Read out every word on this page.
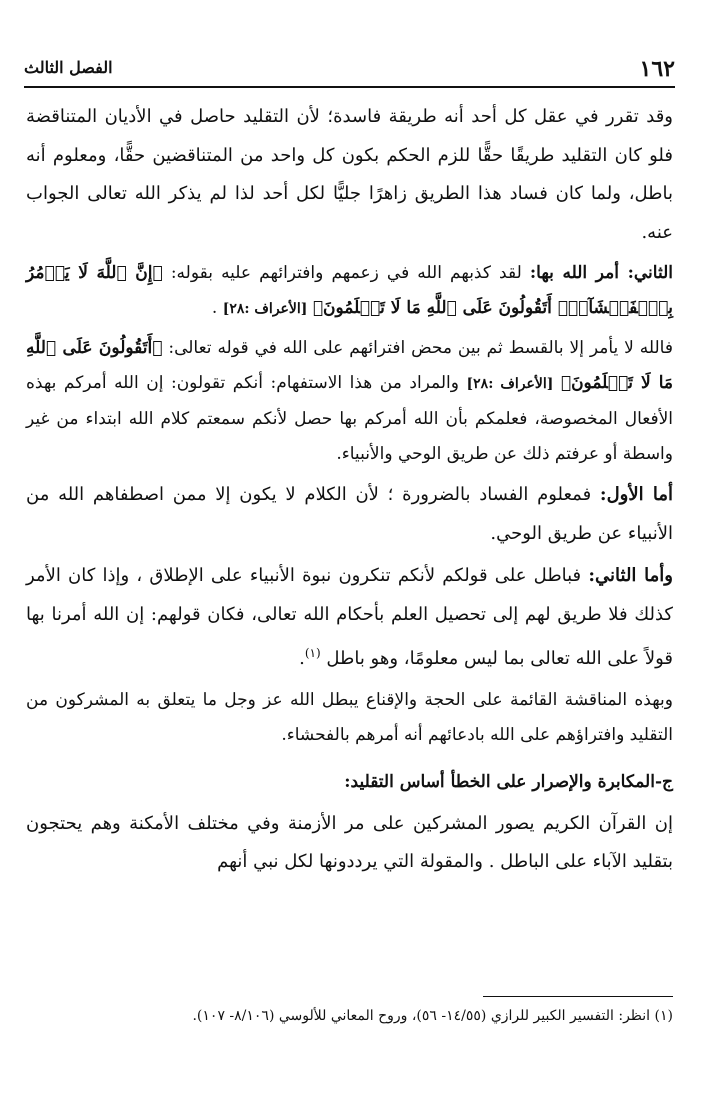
١٦٢
الفصل الثالث

وقد تقرر في عقل كل أحد أنه طريقة فاسدة؛ لأن التقليد حاصل في الأديان المتناقضة فلو كان التقليد طريقًا حقًّا للزم الحكم بكون كل واحد من المتناقضين حقًّا، ومعلوم أنه باطل، ولما كان فساد هذا الطريق زاهرًا جليًّا لكل أحد لذا لم يذكر الله تعالى الجواب عنه.

الثاني: أمر الله بها: لقد كذبهم الله في زعمهم وافترائهم عليه بقوله: ﴿إِنَّ ٱللَّهَ لَا يَأۡمُرُ بِٱلۡفَحۡشَآءِۖ أَتَقُولُونَ عَلَى ٱللَّهِ مَا لَا تَعۡلَمُونَ﴾ [الأعراف :٢٨] .

فالله لا يأمر إلا بالقسط ثم بين محض افترائهم على الله في قوله تعالى: ﴿أَتَقُولُونَ عَلَى ٱللَّهِ مَا لَا تَعۡلَمُونَ﴾ [الأعراف :٢٨] والمراد من هذا الاستفهام: أنكم تقولون: إن الله أمركم بهذه الأفعال المخصوصة، فعلمكم بأن الله أمركم بها حصل لأنكم سمعتم كلام الله ابتداء من غير واسطة أو عرفتم ذلك عن طريق الوحي والأنبياء.

أما الأول: فمعلوم الفساد بالضرورة ؛ لأن الكلام لا يكون إلا ممن اصطفاهم الله من الأنبياء عن طريق الوحي.

وأما الثاني: فباطل على قولكم لأنكم تنكرون نبوة الأنبياء على الإطلاق ، وإذا كان الأمر كذلك فلا طريق لهم إلى تحصيل العلم بأحكام الله تعالى، فكان قولهم: إن الله أمرنا بها قولاً على الله تعالى بما ليس معلومًا، وهو باطل $^{(١)}$.

وبهذه المناقشة القائمة على الحجة والإقناع يبطل الله عز وجل ما يتعلق به المشركون من التقليد وافتراؤهم على الله بادعائهم أنه أمرهم بالفحشاء.

ج-المكابرة والإصرار على الخطأ أساس التقليد:

إن القرآن الكريم يصور المشركين على مر الأزمنة وفي مختلف الأمكنة وهم يحتجون بتقليد الآباء على الباطل . والمقولة التي يرددونها لكل نبي أنهم

(١) انظر: التفسير الكبير للرازي (١٤/٥٥- ٥٦)، وروح المعاني للألوسي (٨/١٠٦- ١٠٧).
